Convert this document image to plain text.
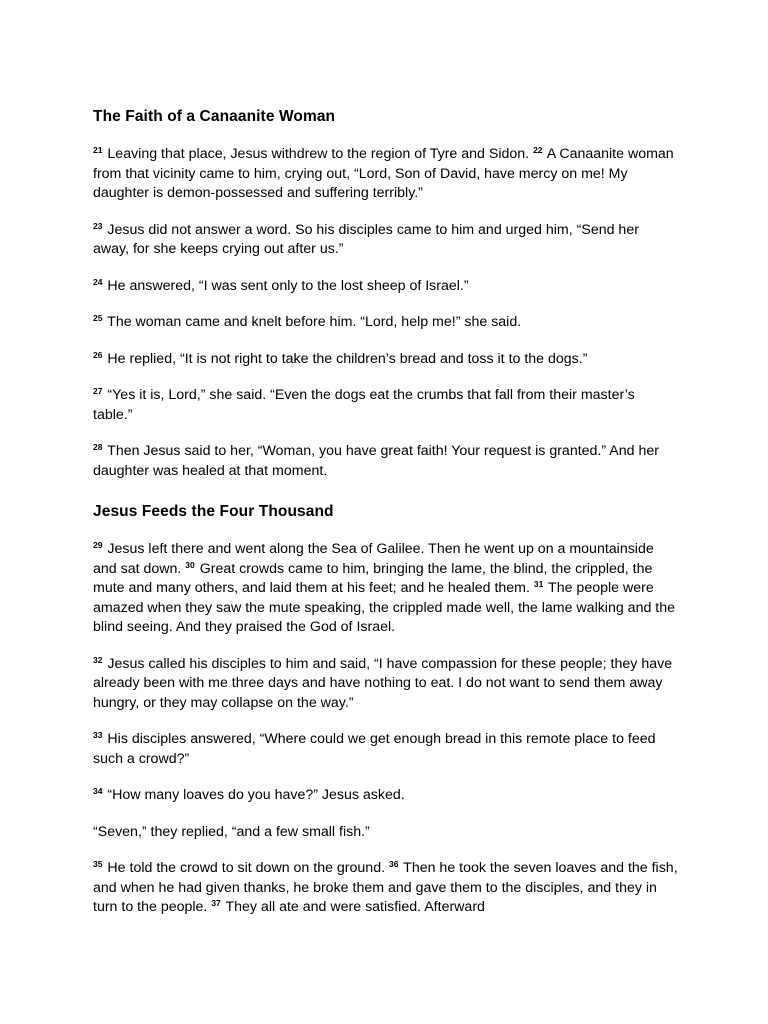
The Faith of a Canaanite Woman

$^{21}$ Leaving that place, Jesus withdrew to the region of Tyre and Sidon. $^{22}$ A Canaanite woman from that vicinity came to him, crying out, “Lord, Son of David, have mercy on me! My daughter is demon-possessed and suffering terribly.”

$^{23}$ Jesus did not answer a word. So his disciples came to him and urged him, “Send her away, for she keeps crying out after us.”

$^{24}$ He answered, “I was sent only to the lost sheep of Israel.”

$^{25}$ The woman came and knelt before him. “Lord, help me!” she said.

$^{26}$ He replied, “It is not right to take the children’s bread and toss it to the dogs.”

$^{27}$ “Yes it is, Lord,” she said. “Even the dogs eat the crumbs that fall from their master’s table.”

$^{28}$ Then Jesus said to her, “Woman, you have great faith! Your request is granted.” And her daughter was healed at that moment.

Jesus Feeds the Four Thousand

$^{29}$ Jesus left there and went along the Sea of Galilee. Then he went up on a mountainside and sat down. $^{30}$ Great crowds came to him, bringing the lame, the blind, the crippled, the mute and many others, and laid them at his feet; and he healed them. $^{31}$ The people were amazed when they saw the mute speaking, the crippled made well, the lame walking and the blind seeing. And they praised the God of Israel.

$^{32}$ Jesus called his disciples to him and said, “I have compassion for these people; they have already been with me three days and have nothing to eat. I do not want to send them away hungry, or they may collapse on the way.”

$^{33}$ His disciples answered, “Where could we get enough bread in this remote place to feed such a crowd?”

$^{34}$ “How many loaves do you have?” Jesus asked.

“Seven,” they replied, “and a few small fish.”

$^{35}$ He told the crowd to sit down on the ground. $^{36}$ Then he took the seven loaves and the fish, and when he had given thanks, he broke them and gave them to the disciples, and they in turn to the people. $^{37}$ They all ate and were satisfied. Afterward
